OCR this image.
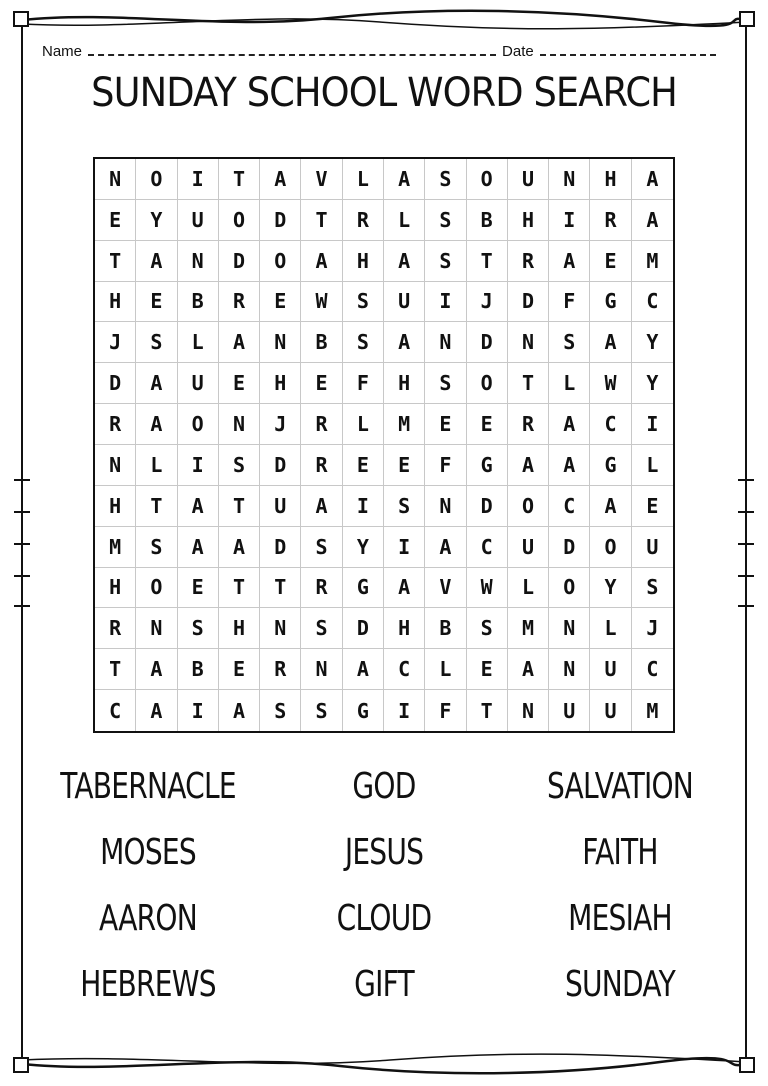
Name	Date
SUNDAY SCHOOL WORD SEARCH
N	O	I	T	A	V	L	A	S	O	U	N	H	A
E	Y	U	O	D	T	R	L	S	B	H	I	R	A
T	A	N	D	O	A	H	A	S	T	R	A	E	M
H	E	B	R	E	W	S	U	I	J	D	F	G	C
J	S	L	A	N	B	S	A	N	D	N	S	A	Y
D	A	U	E	H	E	F	H	S	O	T	L	W	Y
R	A	O	N	J	R	L	M	E	E	R	A	C	I
N	L	I	S	D	R	E	E	F	G	A	A	G	L
H	T	A	T	U	A	I	S	N	D	O	C	A	E
M	S	A	A	D	S	Y	I	A	C	U	D	O	U
H	O	E	T	T	R	G	A	V	W	L	O	Y	S
R	N	S	H	N	S	D	H	B	S	M	N	L	J
T	A	B	E	R	N	A	C	L	E	A	N	U	C
C	A	I	A	S	S	G	I	F	T	N	U	U	M
TABERNACLE	GOD	SALVATION
MOSES	JESUS	FAITH
AARON	CLOUD	MESIAH
HEBREWS	GIFT	SUNDAY
